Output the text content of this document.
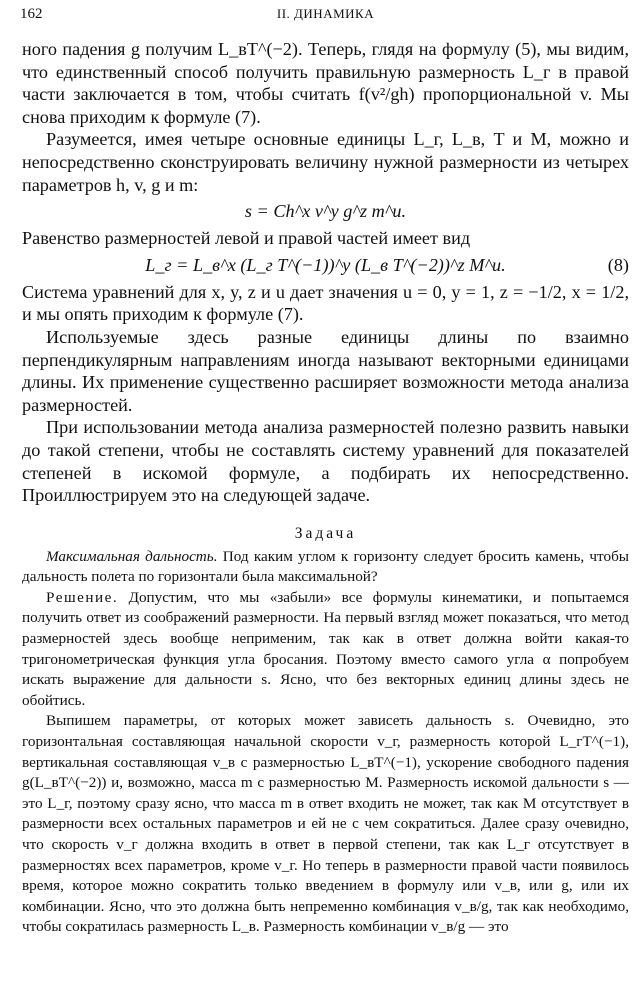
162	II. ДИНАМИКА

ного падения g получим L_вT^(−2). Теперь, глядя на формулу (5), мы видим, что единственный способ получить правильную размерность L_г в правой части заключается в том, чтобы считать f(v²/gh) пропорциональной v. Мы снова приходим к формуле (7).

Разумеется, имея четыре основные единицы L_г, L_в, T и M, можно и непосредственно сконструировать величину нужной размерности из четырех параметров h, v, g и m:

s = Ch^x v^y g^z m^u.

Равенство размерностей левой и правой частей имеет вид

L_г = L_в^x (L_г T^(−1))^y (L_в T^(−2))^z M^u.	(8)

Система уравнений для x, y, z и u дает значения u = 0, y = 1, z = −1/2, x = 1/2, и мы опять приходим к формуле (7).

Используемые здесь разные единицы длины по взаимно перпендикулярным направлениям иногда называют векторными единицами длины. Их применение существенно расширяет возможности метода анализа размерностей.

При использовании метода анализа размерностей полезно развить навыки до такой степени, чтобы не составлять систему уравнений для показателей степеней в искомой формуле, а подбирать их непосредственно. Проиллюстрируем это на следующей задаче.

Задача

Максимальная дальность. Под каким углом к горизонту следует бросить камень, чтобы дальность полета по горизонтали была максимальной?

Решение. Допустим, что мы «забыли» все формулы кинематики, и попытаемся получить ответ из соображений размерности. На первый взгляд может показаться, что метод размерностей здесь вообще неприменим, так как в ответ должна войти какая-то тригонометрическая функция угла бросания. Поэтому вместо самого угла α попробуем искать выражение для дальности s. Ясно, что без векторных единиц длины здесь не обойтись.

Выпишем параметры, от которых может зависеть дальность s. Очевидно, это горизонтальная составляющая начальной скорости v_г, размерность которой L_гT^(−1), вертикальная составляющая v_в с размерностью L_вT^(−1), ускорение свободного падения g(L_вT^(−2)) и, возможно, масса m с размерностью M. Размерность искомой дальности s — это L_г, поэтому сразу ясно, что масса m в ответ входить не может, так как M отсутствует в размерности всех остальных параметров и ей не с чем сократиться. Далее сразу очевидно, что скорость v_г должна входить в ответ в первой степени, так как L_г отсутствует в размерностях всех параметров, кроме v_г. Но теперь в размерности правой части появилось время, которое можно сократить только введением в формулу или v_в, или g, или их комбинации. Ясно, что это должна быть непременно комбинация v_в/g, так как необходимо, чтобы сократилась размерность L_в. Размерность комбинации v_в/g — это
